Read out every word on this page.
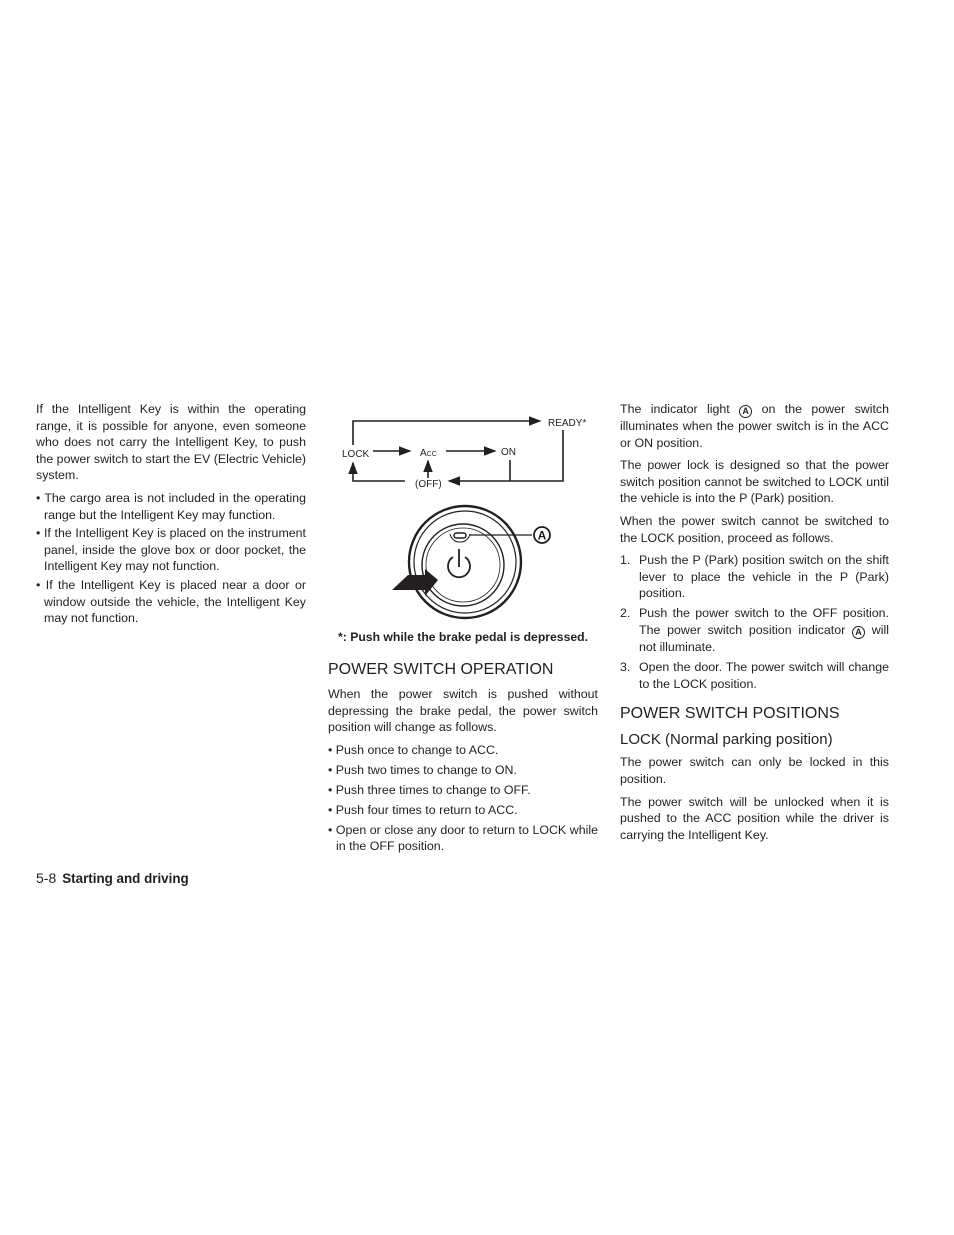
If the Intelligent Key is within the operating range, it is possible for anyone, even someone who does not carry the Intelligent Key, to push the power switch to start the EV (Electric Vehicle) system.

• The cargo area is not included in the operating range but the Intelligent Key may function.

• If the Intelligent Key is placed on the instrument panel, inside the glove box or door pocket, the Intelligent Key may not function.

• If the Intelligent Key is placed near a door or window outside the vehicle, the Intelligent Key may not function.

READY*
LOCK	ACC	ON
(OFF)
A
*: Push while the brake pedal is depressed.
POWER SWITCH OPERATION

When the power switch is pushed without depressing the brake pedal, the power switch position will change as follows.

• Push once to change to ACC.

• Push two times to change to ON.

• Push three times to change to OFF.

• Push four times to return to ACC.

• Open or close any door to return to LOCK while in the OFF position.

The indicator light A on the power switch illuminates when the power switch is in the ACC or ON position.

The power lock is designed so that the power switch position cannot be switched to LOCK until the vehicle is into the P (Park) position.

When the power switch cannot be switched to the LOCK position, proceed as follows.

1. Push the P (Park) position switch on the shift lever to place the vehicle in the P (Park) position.

2. Push the power switch to the OFF position. The power switch position indicator A will not illuminate.

3. Open the door. The power switch will change to the LOCK position.

POWER SWITCH POSITIONS
LOCK (Normal parking position)

The power switch can only be locked in this position.

The power switch will be unlocked when it is pushed to the ACC position while the driver is carrying the Intelligent Key.

5-8 Starting and driving
